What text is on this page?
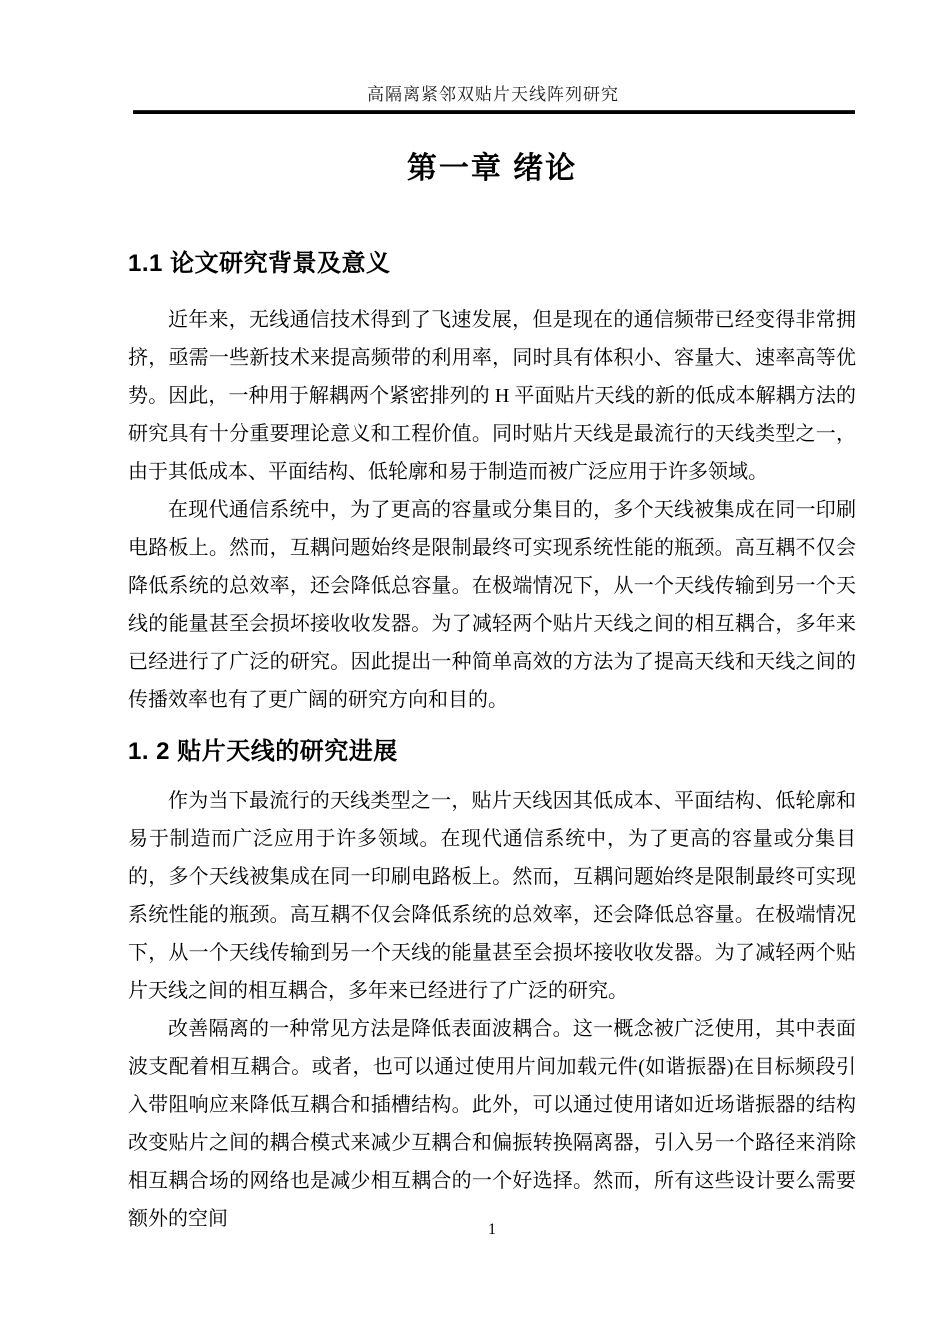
高隔离紧邻双贴片天线阵列研究
第一章 绪论
1.1 论文研究背景及意义

近年来，无线通信技术得到了飞速发展，但是现在的通信频带已经变得非常拥挤，亟需一些新技术来提高频带的利用率，同时具有体积小、容量大、速率高等优势。因此，一种用于解耦两个紧密排列的 H 平面贴片天线的新的低成本解耦方法的研究具有十分重要理论意义和工程价值。同时贴片天线是最流行的天线类型之一，由于其低成本、平面结构、低轮廓和易于制造而被广泛应用于许多领域。

在现代通信系统中，为了更高的容量或分集目的，多个天线被集成在同一印刷电路板上。然而，互耦问题始终是限制最终可实现系统性能的瓶颈。高互耦不仅会降低系统的总效率，还会降低总容量。在极端情况下，从一个天线传输到另一个天线的能量甚至会损坏接收收发器。为了减轻两个贴片天线之间的相互耦合，多年来已经进行了广泛的研究。因此提出一种简单高效的方法为了提高天线和天线之间的传播效率也有了更广阔的研究方向和目的。

1. 2 贴片天线的研究进展

作为当下最流行的天线类型之一，贴片天线因其低成本、平面结构、低轮廓和易于制造而广泛应用于许多领域。在现代通信系统中，为了更高的容量或分集目的，多个天线被集成在同一印刷电路板上。然而，互耦问题始终是限制最终可实现系统性能的瓶颈。高互耦不仅会降低系统的总效率，还会降低总容量。在极端情况下，从一个天线传输到另一个天线的能量甚至会损坏接收收发器。为了减轻两个贴片天线之间的相互耦合，多年来已经进行了广泛的研究。

改善隔离的一种常见方法是降低表面波耦合。这一概念被广泛使用，其中表面波支配着相互耦合。或者，也可以通过使用片间加载元件(如谐振器)在目标频段引入带阻响应来降低互耦合和插槽结构。此外，可以通过使用诸如近场谐振器的结构改变贴片之间的耦合模式来减少互耦合和偏振转换隔离器，引入另一个路径来消除相互耦合场的网络也是减少相互耦合的一个好选择。然而，所有这些设计要么需要额外的空间	1
